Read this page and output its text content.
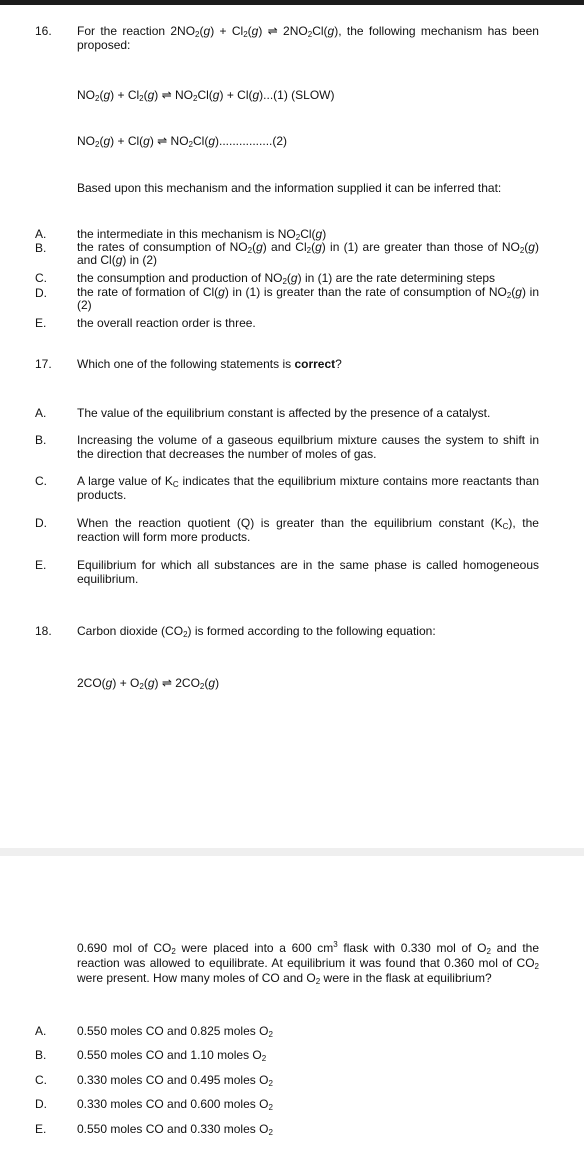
16. For the reaction $2NO_2(g) + Cl_2(g)$ ⇌ $2NO_2Cl(g)$, the following mechanism has been proposed:
$NO_2(g) + Cl_2(g)$ ⇌ $NO_2Cl(g) + Cl(g)...(1)$ (SLOW)
$NO_2(g) + Cl(g)$ ⇌ $NO_2Cl(g)................(2)$
Based upon this mechanism and the information supplied it can be inferred that:
A.	the intermediate in this mechanism is $NO_2Cl(g)$
B.	the rates of consumption of $NO_2(g)$ and $Cl_2(g)$ in (1) are greater than those of $NO_2(g)$ and Cl(g) in (2)
C.	the consumption and production of $NO_2(g)$ in (1) are the rate determining steps
D.	the rate of formation of Cl(g) in (1) is greater than the rate of consumption of $NO_2(g)$ in (2)
E.	the overall reaction order is three.
17. Which one of the following statements is correct?
A.	The value of the equilibrium constant is affected by the presence of a catalyst.
B.	Increasing the volume of a gaseous equilbrium mixture causes the system to shift in the direction that decreases the number of moles of gas.
C.	A large value of $K_C$ indicates that the equilibrium mixture contains more reactants than products.
D.	When the reaction quotient (Q) is greater than the equilibrium constant $(K_C)$, the reaction will form more products.
E.	Equilibrium for which all substances are in the same phase is called homogeneous equilibrium.
18. Carbon dioxide $(CO_2)$ is formed according to the following equation:
$2CO(g) + O_2(g)$ ⇌ $2CO_2(g)$
0.690 mol of $CO_2$ were placed into a 600 $cm^3$ flask with 0.330 mol of $O_2$ and the reaction was allowed to equilibrate. At equilibrium it was found that 0.360 mol of $CO_2$ were present. How many moles of CO and $O_2$ were in the flask at equilibrium?
A.	0.550 moles CO and 0.825 moles $O_2$
B.	0.550 moles CO and 1.10 moles $O_2$
C.	0.330 moles CO and 0.495 moles $O_2$
D.	0.330 moles CO and 0.600 moles $O_2$
E.	0.550 moles CO and 0.330 moles $O_2$
